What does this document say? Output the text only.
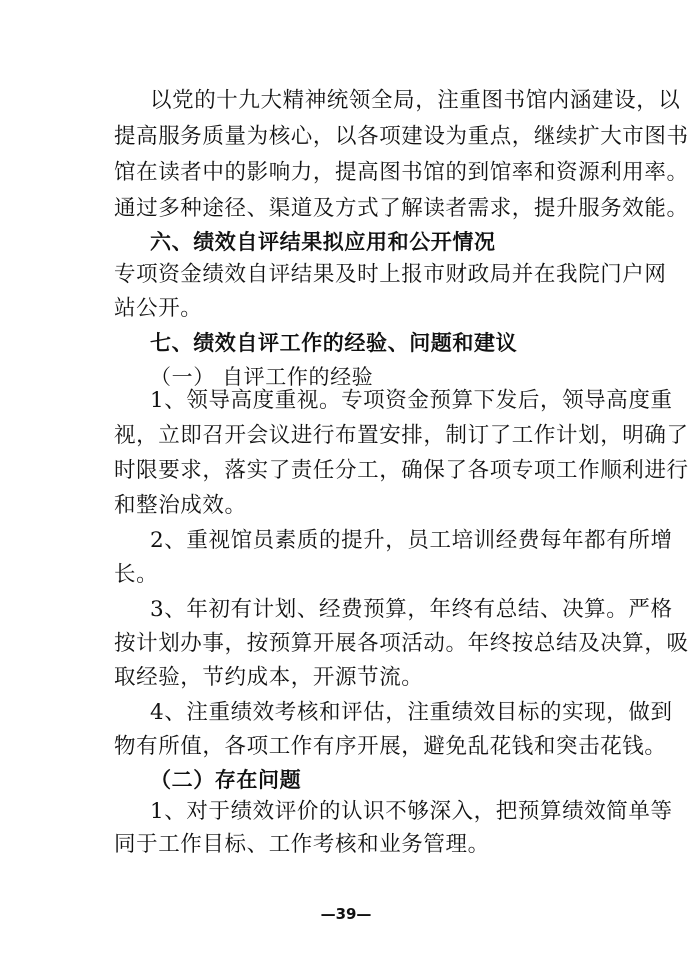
以党的十九大精神统领全局，注重图书馆内涵建设，以
提高服务质量为核心，以各项建设为重点，继续扩大市图书
馆在读者中的影响力，提高图书馆的到馆率和资源利用率。
通过多种途径、渠道及方式了解读者需求，提升服务效能。
六、绩效自评结果拟应用和公开情况
专项资金绩效自评结果及时上报市财政局并在我院门户网
站公开。
七、绩效自评工作的经验、问题和建议
（一） 自评工作的经验
1、领导高度重视。专项资金预算下发后，领导高度重
视，立即召开会议进行布置安排，制订了工作计划，明确了
时限要求，落实了责任分工，确保了各项专项工作顺利进行
和整治成效。
2、重视馆员素质的提升，员工培训经费每年都有所增
长。
3、年初有计划、经费预算，年终有总结、决算。严格
按计划办事，按预算开展各项活动。年终按总结及决算，吸
取经验，节约成本，开源节流。
4、注重绩效考核和评估，注重绩效目标的实现，做到
物有所值，各项工作有序开展，避免乱花钱和突击花钱。
（二）存在问题
—39—
1、对于绩效评价的认识不够深入，把预算绩效简单等
同于工作目标、工作考核和业务管理。
